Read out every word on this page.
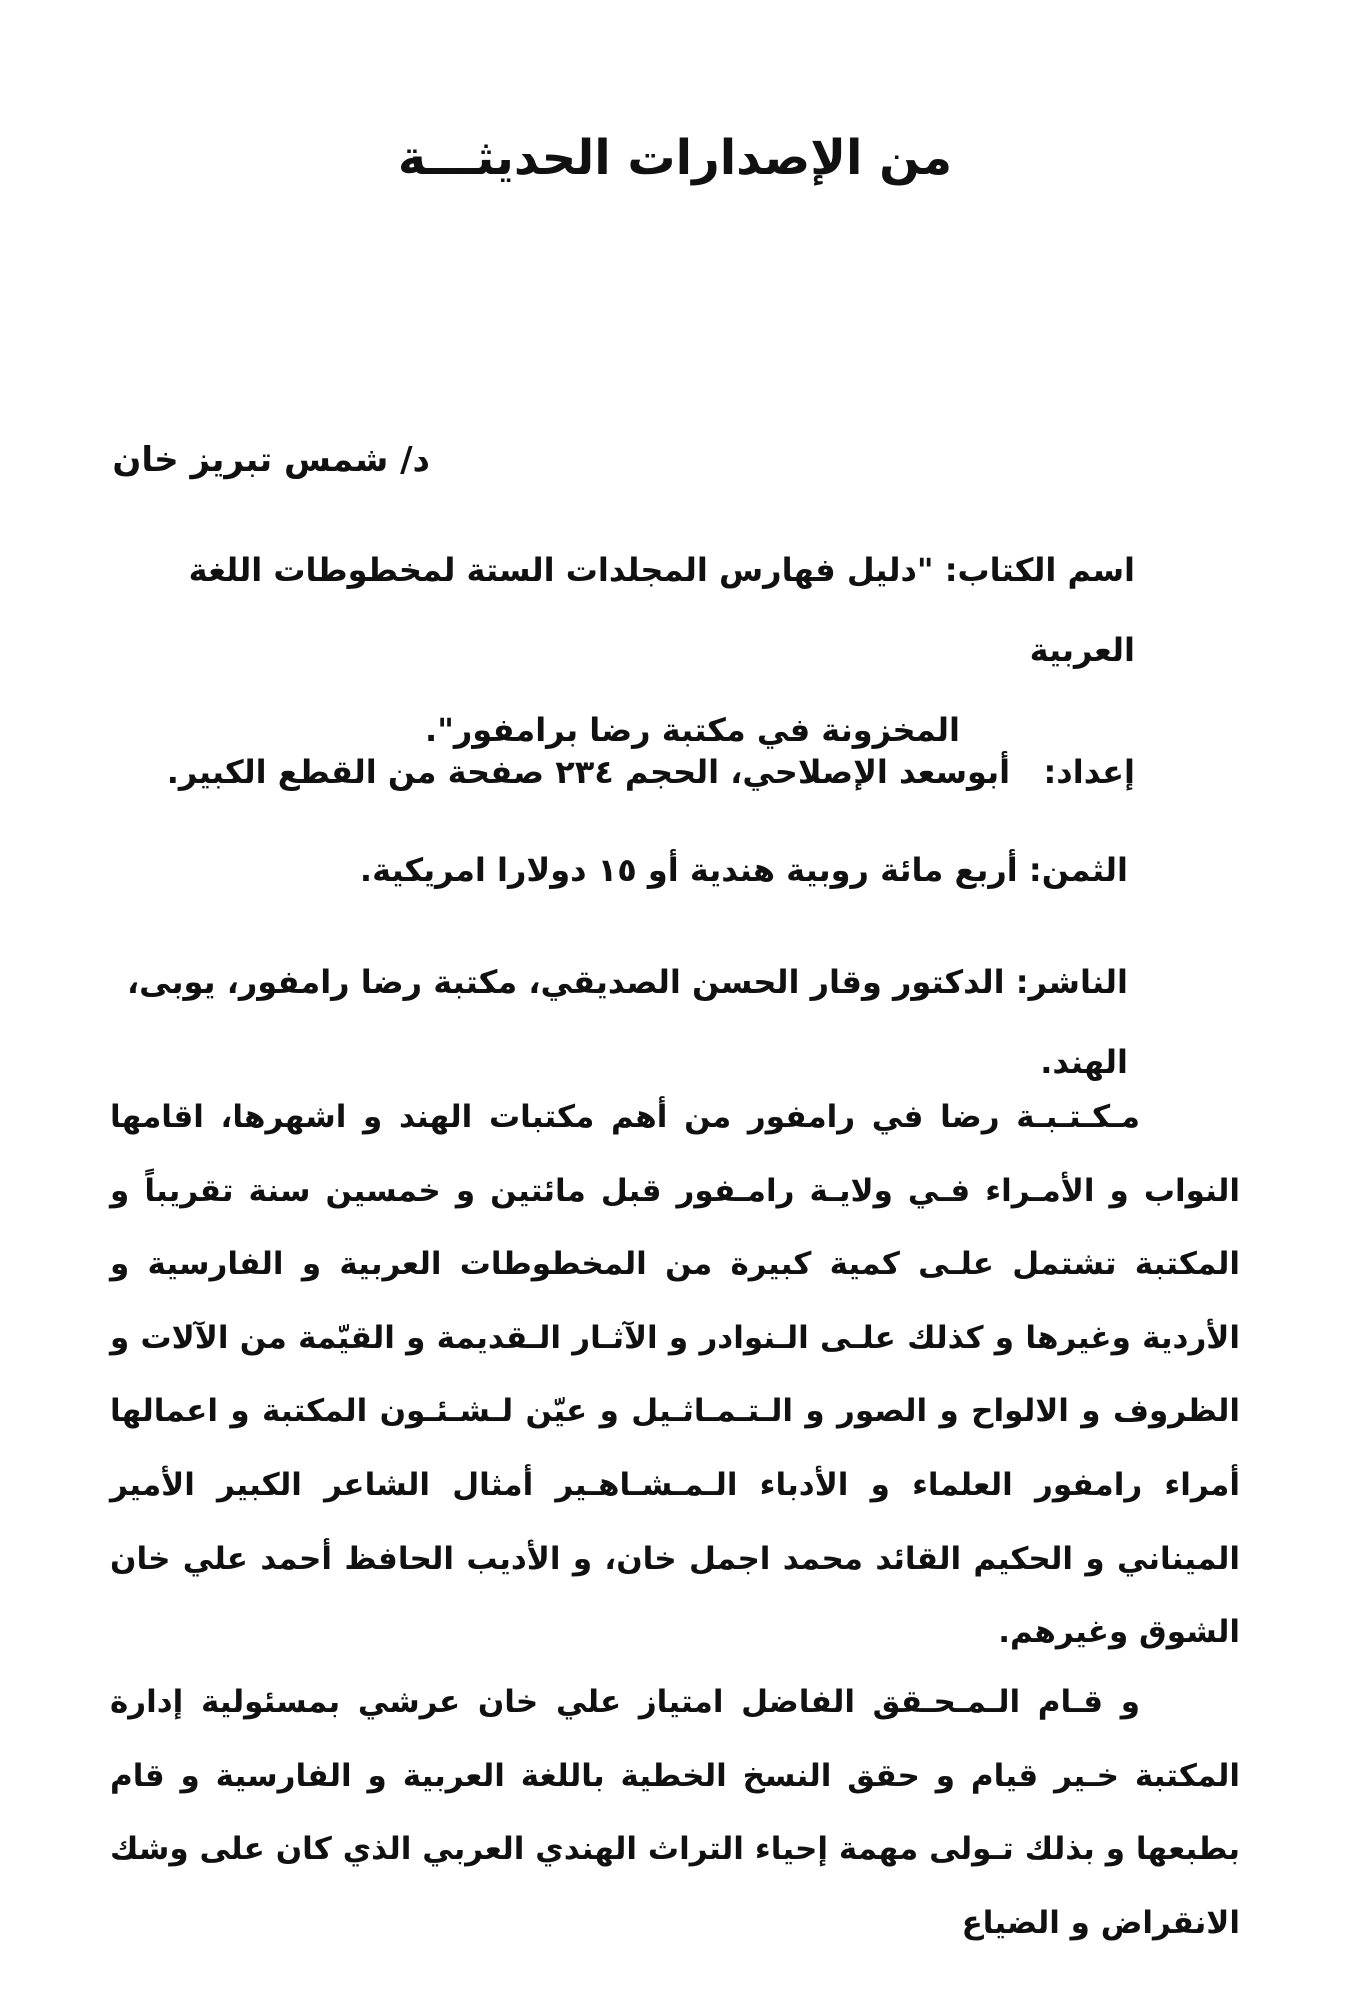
من الإصدارات الحديثـــة
د/ شمس تبريز خان
اسم الكتاب: "دليل فهارس المجلدات الستة لمخطوطات اللغة العربية
المخزونة في مكتبة رضا برامفور".
إعداد:   أبوسعد الإصلاحي، الحجم ٢٣٤ صفحة من القطع الكبير.
الثمن: أربع مائة روبية هندية أو ١٥ دولارا امريكية.
الناشر: الدكتور وقار الحسن الصديقي، مكتبة رضا رامفور، يوبى، الهند.

مـكـتـبـة رضا في رامفور من أهم مكتبات الهند و اشهرها، اقامها النواب و الأمـراء فـي ولايـة رامـفور قبل مائتين و خمسين سنة تقريباً و المكتبة تشتمل علـى كمية كبيرة من المخطوطات العربية و الفارسية و الأردية وغيرها و كذلك علـى الـنوادر و الآثـار الـقديمة و القيّمة من الآلات و الظروف و الالواح و الصور و الـتـمـاثـيل و عيّن لـشـئـون المكتبة و اعمالها أمراء رامفور العلماء و الأدباء الـمـشـاهـير أمثال الشاعر الكبير الأمير الميناني و الحكيم القائد محمد اجمل خان، و الأديب الحافظ أحمد علي خان الشوق وغيرهم.

و قـام الـمـحـقق الفاضل امتياز علي خان عرشي بمسئولية إدارة المكتبة خـير قيام و حقق النسخ الخطية باللغة العربية و الفارسية و قام بطبعها و بذلك تـولى مهمة إحياء التراث الهندي العربي الذي كان على وشك الانقراض و الضياع
